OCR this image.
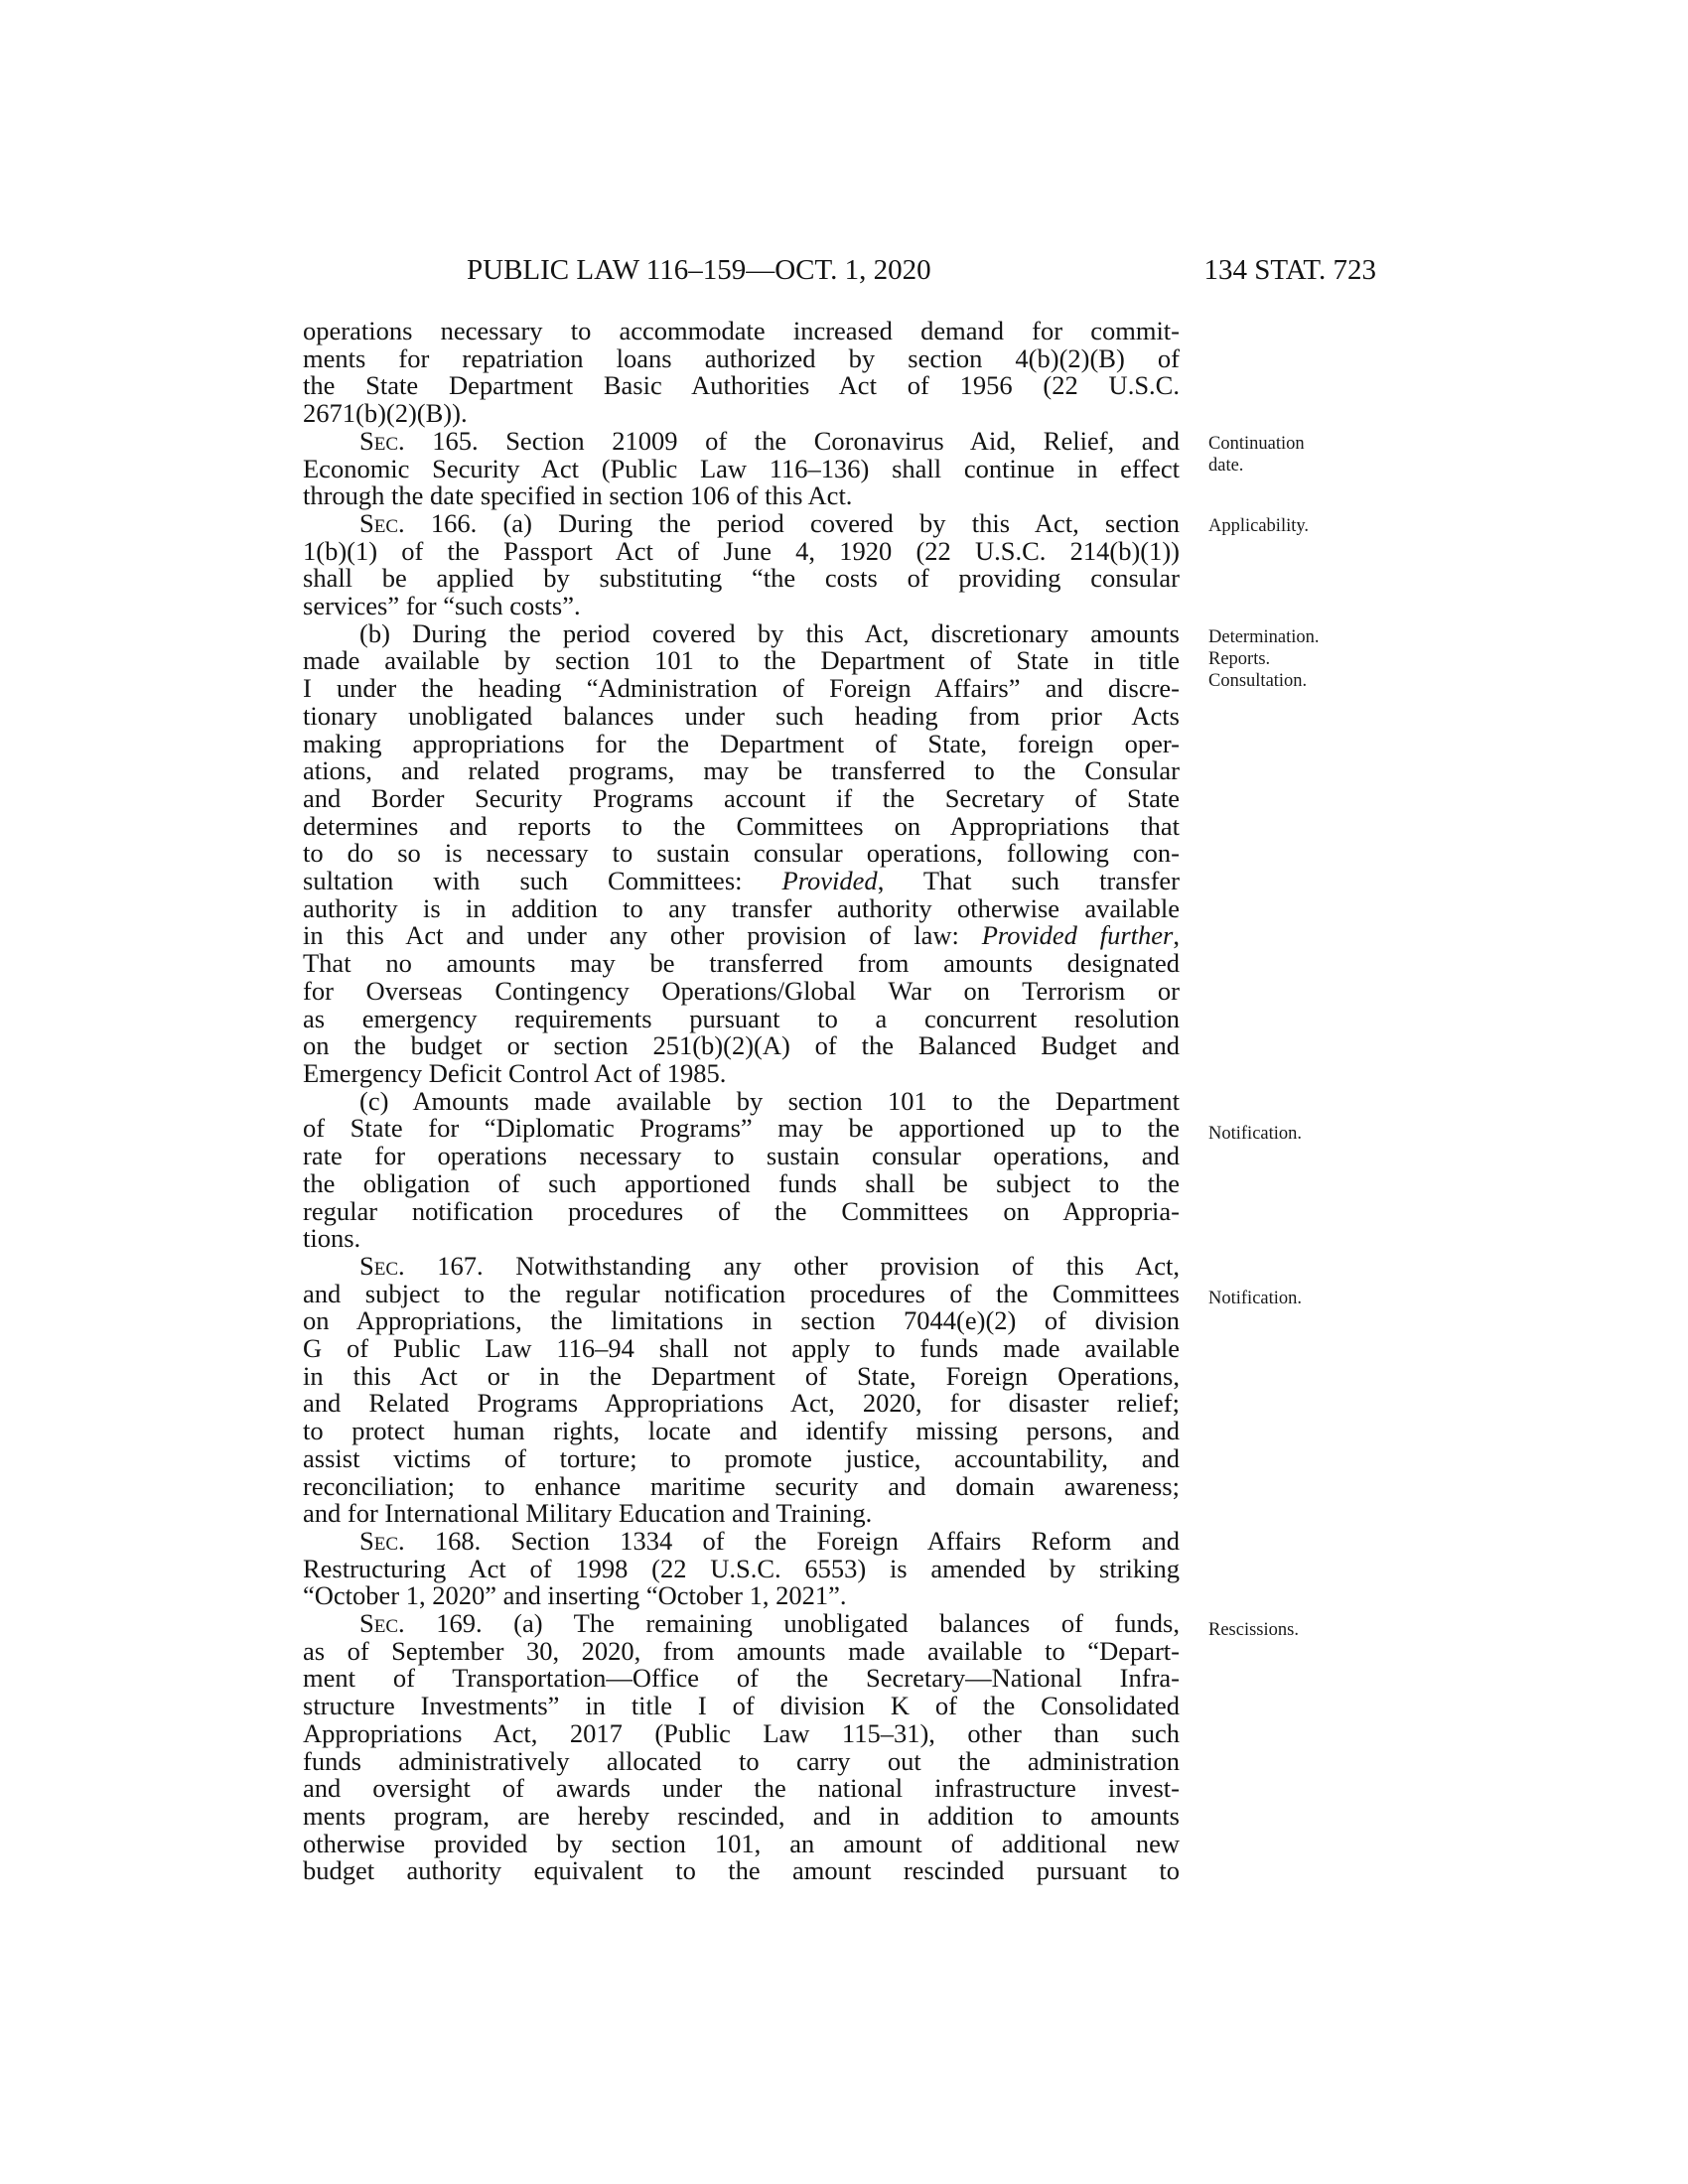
PUBLIC LAW 116–159—OCT. 1, 2020	134 STAT. 723

operations necessary to accommodate increased demand for commit-

ments for repatriation loans authorized by section 4(b)(2)(B) of

the State Department Basic Authorities Act of 1956 (22 U.S.C.

2671(b)(2)(B)).

Sec. 165. Section 21009 of the Coronavirus Aid, Relief, and

Economic Security Act (Public Law 116–136) shall continue in effect

through the date specified in section 106 of this Act.

Sec. 166. (a) During the period covered by this Act, section

1(b)(1) of the Passport Act of June 4, 1920 (22 U.S.C. 214(b)(1))

shall be applied by substituting “the costs of providing consular

services” for “such costs”.

(b) During the period covered by this Act, discretionary amounts

made available by section 101 to the Department of State in title

I under the heading “Administration of Foreign Affairs” and discre-

tionary unobligated balances under such heading from prior Acts

making appropriations for the Department of State, foreign oper-

ations, and related programs, may be transferred to the Consular

and Border Security Programs account if the Secretary of State

determines and reports to the Committees on Appropriations that

to do so is necessary to sustain consular operations, following con-

sultation with such Committees: Provided, That such transfer

authority is in addition to any transfer authority otherwise available

in this Act and under any other provision of law: Provided further,

That no amounts may be transferred from amounts designated

for Overseas Contingency Operations/Global War on Terrorism or

as emergency requirements pursuant to a concurrent resolution

on the budget or section 251(b)(2)(A) of the Balanced Budget and

Emergency Deficit Control Act of 1985.

(c) Amounts made available by section 101 to the Department

of State for “Diplomatic Programs” may be apportioned up to the

rate for operations necessary to sustain consular operations, and

the obligation of such apportioned funds shall be subject to the

regular notification procedures of the Committees on Appropria-

tions.

Sec. 167. Notwithstanding any other provision of this Act,

and subject to the regular notification procedures of the Committees

on Appropriations, the limitations in section 7044(e)(2) of division

G of Public Law 116–94 shall not apply to funds made available

in this Act or in the Department of State, Foreign Operations,

and Related Programs Appropriations Act, 2020, for disaster relief;

to protect human rights, locate and identify missing persons, and

assist victims of torture; to promote justice, accountability, and

reconciliation; to enhance maritime security and domain awareness;

and for International Military Education and Training.

Sec. 168. Section 1334 of the Foreign Affairs Reform and

Restructuring Act of 1998 (22 U.S.C. 6553) is amended by striking

“October 1, 2020” and inserting “October 1, 2021”.

Sec. 169. (a) The remaining unobligated balances of funds,

as of September 30, 2020, from amounts made available to “Depart-

ment of Transportation—Office of the Secretary—National Infra-

structure Investments” in title I of division K of the Consolidated

Appropriations Act, 2017 (Public Law 115–31), other than such

funds administratively allocated to carry out the administration

and oversight of awards under the national infrastructure invest-

ments program, are hereby rescinded, and in addition to amounts

otherwise provided by section 101, an amount of additional new

budget authority equivalent to the amount rescinded pursuant to

Continuation
date.
Applicability.
Determination.
Reports.
Consultation.
Notification.
Notification.
Rescissions.
